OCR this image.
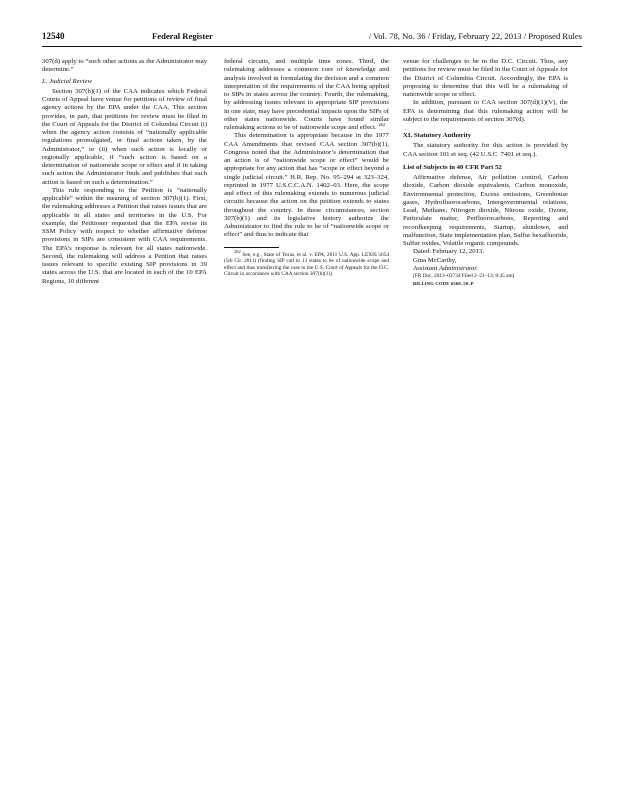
12540	Federal Register	/ Vol. 78, No. 36 / Friday, February 22, 2013 / Proposed Rules

307(d) apply to “such other actions as the Administrator may determine.”

L. Judicial Review

Section 307(b)(1) of the CAA indicates which Federal Courts of Appeal have venue for petitions of review of final agency actions by the EPA under the CAA. This section provides, in part, that petitions for review must be filed in the Court of Appeals for the District of Columbia Circuit (i) when the agency action consists of “nationally applicable regulations promulgated, or final actions taken, by the Administrator,” or (ii) when such action is locally or regionally applicable, if “such action is based on a determination of nationwide scope or effect and if in taking such action the Administrator finds and publishes that such action is based on such a determination.”

This rule responding to the Petition is “nationally applicable” within the meaning of section 307(b)(1). First, the rulemaking addresses a Petition that raises issues that are applicable in all states and territories in the U.S. For example, the Petitioner requested that the EPA revise its SSM Policy with respect to whether affirmative defense provisions in SIPs are consistent with CAA requirements. The EPA’s response is relevant for all states nationwide. Second, the rulemaking will address a Petition that raises issues relevant to specific existing SIP provisions in 39 states across the U.S. that are located in each of the 10 EPA Regions, 10 different

federal circuits, and multiple time zones. Third, the rulemaking addresses a common core of knowledge and analysis involved in formulating the decision and a common interpretation of the requirements of the CAA being applied to SIPs in states across the country. Fourth, the rulemaking, by addressing issues relevant to appropriate SIP provisions in one state, may have precedential impacts upon the SIPs of other states nationwide. Courts have found similar rulemaking actions to be of nationwide scope and effect. $^{262}$

This determination is appropriate because in the 1977 CAA Amendments that revised CAA section 307(b)(1), Congress noted that the Administrator’s determination that an action is of “nationwide scope or effect” would be appropriate for any action that has “scope or effect beyond a single judicial circuit.” H.R. Rep. No. 95–294 at 323–324, reprinted in 1977 U.S.C.C.A.N. 1402–03. Here, the scope and effect of this rulemaking extends to numerous judicial circuits because the action on the petition extends to states throughout the country. In these circumstances, section 307(b)(1) and its legislative history authorize the Administrator to find the rule to be of “nationwide scope or effect” and thus to indicate that

$^{262}$ See, e.g., State of Texas, et al. v. EPA, 2011 U.S. App. LEXIS 5654 (5th Cir. 2011) (finding SIP call to 13 states to be of nationwide scope and effect and thus transferring the case to the U.S. Court of Appeals for the D.C. Circuit in accordance with CAA section 307(b)(1)).

venue for challenges to be in the D.C. Circuit. Thus, any petitions for review must be filed in the Court of Appeals for the District of Columbia Circuit. Accordingly, the EPA is proposing to determine that this will be a rulemaking of nationwide scope or effect.

In addition, pursuant to CAA section 307(d)(1)(V), the EPA is determining that this rulemaking action will be subject to the requirements of section 307(d).

XI. Statutory Authority

The statutory authority for this action is provided by CAA section 101 et seq. (42 U.S.C. 7401 et seq.).

List of Subjects in 40 CFR Part 52

Affirmative defense, Air pollution control, Carbon dioxide, Carbon dioxide equivalents, Carbon monoxide, Environmental protection, Excess emissions, Greenhouse gases, Hydrofluorocarbons, Intergovernmental relations, Lead, Methane, Nitrogen dioxide, Nitrous oxide, Ozone, Particulate matter, Perfluorocarbons, Reporting and recordkeeping requirements, Startup, shutdown, and malfunction, State implementation plan, Sulfur hexafluoride, Sulfur oxides, Volatile organic compounds.

Dated: February 12, 2013.

Gina McCarthy,

Assistant Administrator.

[FR Doc. 2013–03734 Filed 2–21–13; 8:45 am]

BILLING CODE 6560–50–P
